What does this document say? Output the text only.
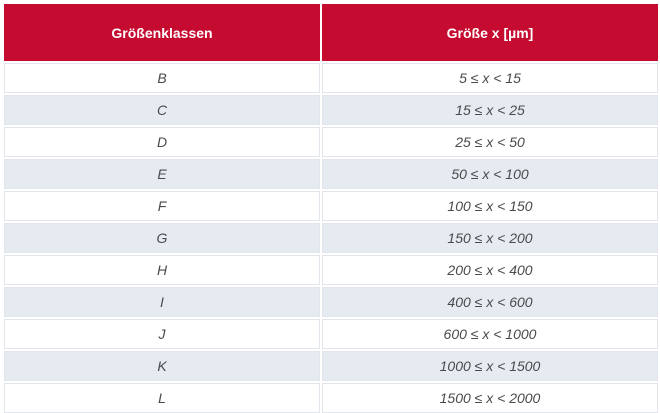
Größenklassen	Größe x [µm]
B	5 ≤ x < 15
C	15 ≤ x < 25
D	25 ≤ x < 50
E	50 ≤ x < 100
F	100 ≤ x < 150
G	150 ≤ x < 200
H	200 ≤ x < 400
I	400 ≤ x < 600
J	600 ≤ x < 1000
K	1000 ≤ x < 1500
L	1500 ≤ x < 2000
